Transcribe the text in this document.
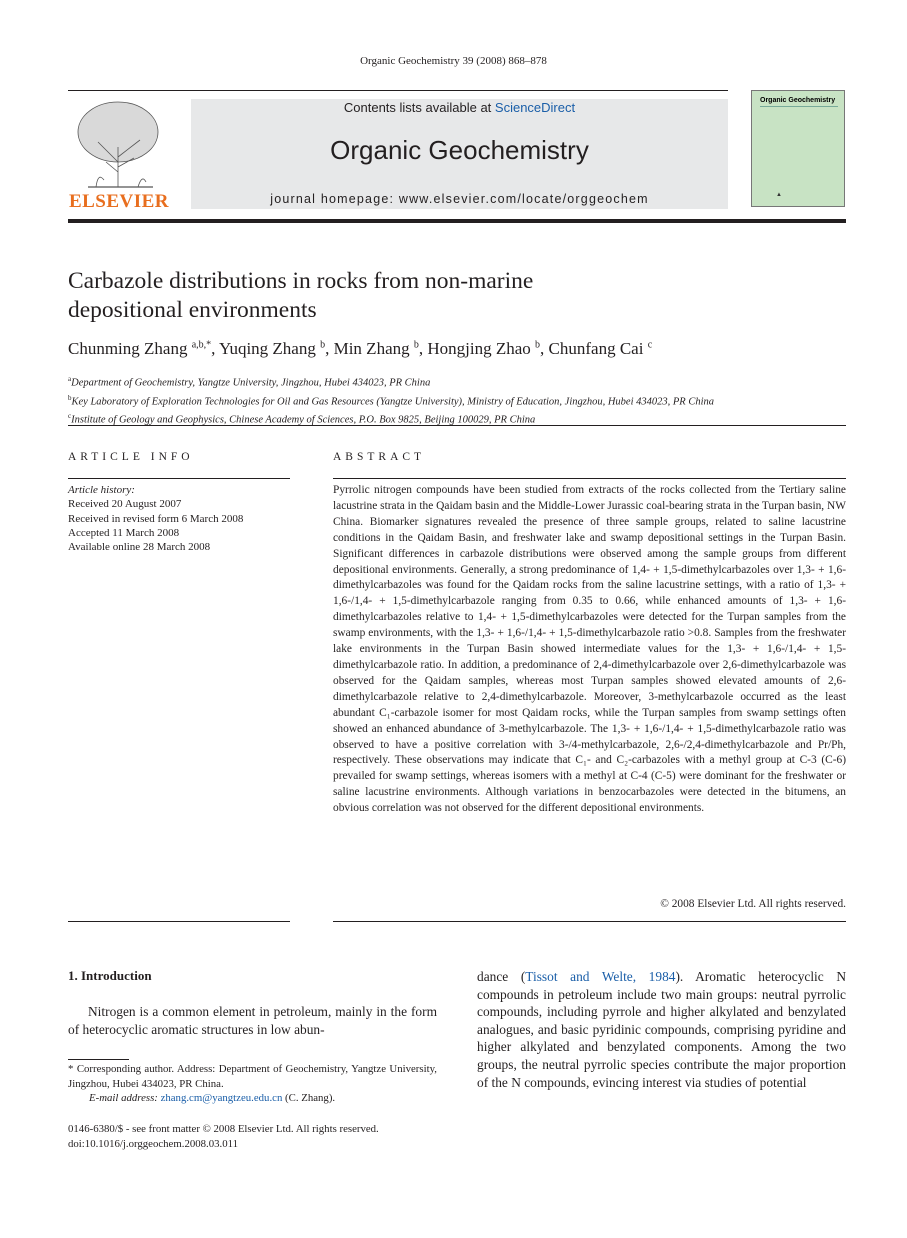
Organic Geochemistry 39 (2008) 868–878
ELSEVIER
Contents lists available at ScienceDirect
Organic Geochemistry
journal homepage: www.elsevier.com/locate/orggeochem
Organic Geochemistry
▲
Carbazole distributions in rocks from non-marine
depositional environments
Chunming Zhang $^{a,b,*}$, Yuqing Zhang $^b$, Min Zhang $^b$, Hongjing Zhao $^b$, Chunfang Cai $^c$
$^a$Department of Geochemistry, Yangtze University, Jingzhou, Hubei 434023, PR China
$^b$Key Laboratory of Exploration Technologies for Oil and Gas Resources (Yangtze University), Ministry of Education, Jingzhou, Hubei 434023, PR China
$^c$Institute of Geology and Geophysics, Chinese Academy of Sciences, P.O. Box 9825, Beijing 100029, PR China
ARTICLE INFO	ABSTRACT
Article history:
Received 20 August 2007
Received in revised form 6 March 2008
Accepted 11 March 2008
Available online 28 March 2008
Pyrrolic nitrogen compounds have been studied from extracts of the rocks collected from the Tertiary saline lacustrine strata in the Qaidam basin and the Middle-Lower Jurassic coal-bearing strata in the Turpan basin, NW China. Biomarker signatures revealed the presence of three sample groups, related to saline lacustrine conditions in the Qaidam Basin, and freshwater lake and swamp depositional settings in the Turpan Basin. Significant differences in carbazole distributions were observed among the sample groups from different depositional environments. Generally, a strong predominance of 1,4- + 1,5-dimethylcarbazoles over 1,3- + 1,6-dimethylcarbazoles was found for the Qaidam rocks from the saline lacustrine settings, with a ratio of 1,3- + 1,6-/1,4- + 1,5-dimethylcarbazole ranging from 0.35 to 0.66, while enhanced amounts of 1,3- + 1,6-dimethylcarbazoles relative to 1,4- + 1,5-dimethylcarbazoles were detected for the Turpan samples from the swamp environments, with the 1,3- + 1,6-/1,4- + 1,5-dimethylcarbazole ratio >0.8. Samples from the freshwater lake environments in the Turpan Basin showed intermediate values for the 1,3- + 1,6-/1,4- + 1,5-dimethylcarbazole ratio. In addition, a predominance of 2,4-dimethylcarbazole over 2,6-dimethylcarbazole was observed for the Qaidam samples, whereas most Turpan samples showed elevated amounts of 2,6-dimethylcarbazole relative to 2,4-dimethylcarbazole. Moreover, 3-methylcarbazole occurred as the least abundant C₁-carbazole isomer for most Qaidam rocks, while the Turpan samples from swamp settings often showed an enhanced abundance of 3-methylcarbazole. The 1,3- + 1,6-/1,4- + 1,5-dimethylcarbazole ratio was observed to have a positive correlation with 3-/4-methylcarbazole, 2,6-/2,4-dimethylcarbazole and Pr/Ph, respectively. These observations may indicate that C₁- and C₂-carbazoles with a methyl group at C-3 (C-6) prevailed for swamp settings, whereas isomers with a methyl at C-4 (C-5) were dominant for the freshwater or saline lacustrine environments. Although variations in benzocarbazoles were detected in the bitumens, an obvious correlation was not observed for the different depositional environments.
© 2008 Elsevier Ltd. All rights reserved.
1. Introduction
Nitrogen is a common element in petroleum, mainly in the form of heterocyclic aromatic structures in low abun-
dance (Tissot and Welte, 1984). Aromatic heterocyclic N compounds in petroleum include two main groups: neutral pyrrolic compounds, including pyrrole and higher alkylated and benzylated analogues, and basic pyridinic compounds, comprising pyridine and higher alkylated and benzylated components. Among the two groups, the neutral pyrrolic species contribute the major proportion of the N compounds, evincing interest via studies of potential
* Corresponding author. Address: Department of Geochemistry, Yangtze University, Jingzhou, Hubei 434023, PR China.
E-mail address: zhang.cm@yangtzeu.edu.cn (C. Zhang).
0146-6380/$ - see front matter © 2008 Elsevier Ltd. All rights reserved.
doi:10.1016/j.orggeochem.2008.03.011
